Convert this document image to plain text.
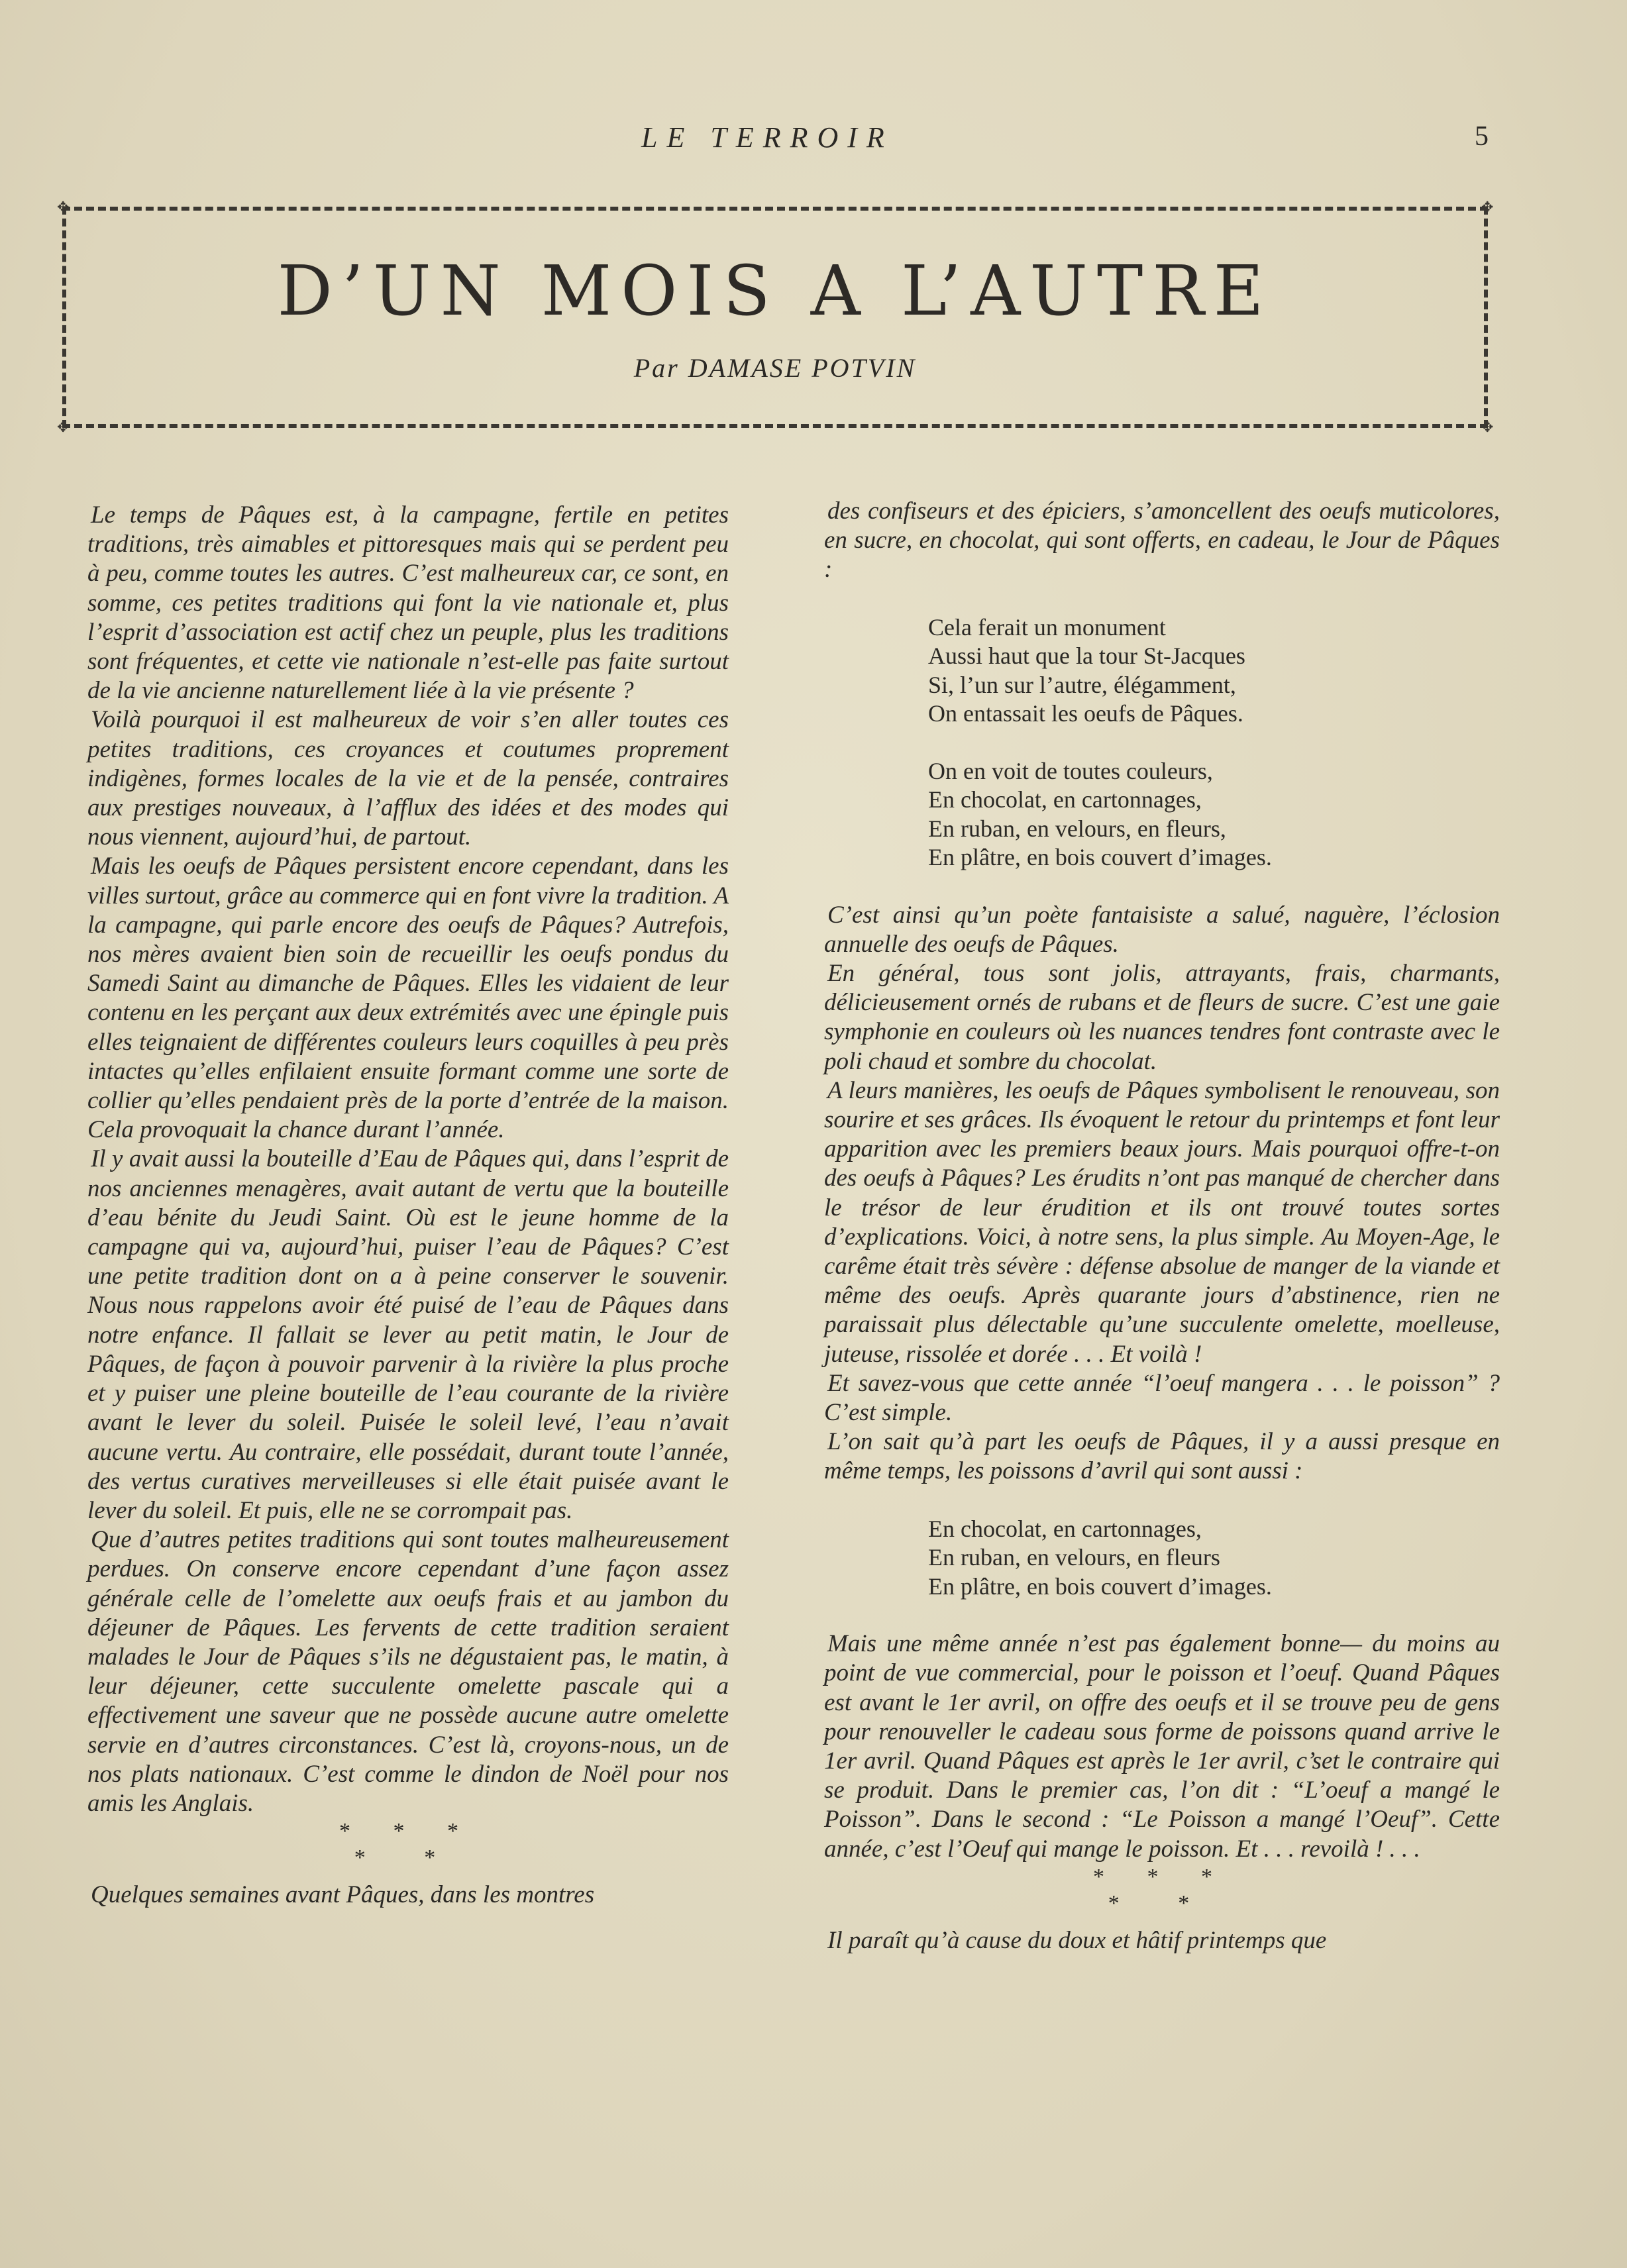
LE TERROIR	5
✥	✥
✥	✥
D’UN MOIS A L’AUTRE
Par DAMASE POTVIN

Le temps de Pâques est, à la campagne, fertile en petites traditions, très aimables et pittoresques mais qui se perdent peu à peu, comme toutes les autres. C’est malheureux car, ce sont, en somme, ces petites traditions qui font la vie nationale et, plus l’esprit d’association est actif chez un peuple, plus les traditions sont fréquentes, et cette vie nationale n’est-elle pas faite surtout de la vie ancienne naturellement liée à la vie présente ?

Voilà pourquoi il est malheureux de voir s’en aller toutes ces petites traditions, ces croyances et coutumes proprement indigènes, formes locales de la vie et de la pensée, contraires aux prestiges nouveaux, à l’afflux des idées et des modes qui nous viennent, aujourd’hui, de partout.

Mais les oeufs de Pâques persistent encore cependant, dans les villes surtout, grâce au commerce qui en font vivre la tradition. A la campagne, qui parle encore des oeufs de Pâques? Autrefois, nos mères avaient bien soin de recueillir les oeufs pondus du Samedi Saint au dimanche de Pâques. Elles les vidaient de leur contenu en les perçant aux deux extrémités avec une épingle puis elles teignaient de différentes couleurs leurs coquilles à peu près intactes qu’elles enfilaient ensuite formant comme une sorte de collier qu’elles pendaient près de la porte d’entrée de la maison. Cela provoquait la chance durant l’année.

Il y avait aussi la bouteille d’Eau de Pâques qui, dans l’esprit de nos anciennes menagères, avait autant de vertu que la bouteille d’eau bénite du Jeudi Saint. Où est le jeune homme de la campagne qui va, aujourd’hui, puiser l’eau de Pâques? C’est une petite tradition dont on a à peine conserver le souvenir. Nous nous rappelons avoir été puisé de l’eau de Pâques dans notre enfance. Il fallait se lever au petit matin, le Jour de Pâques, de façon à pouvoir parvenir à la rivière la plus proche et y puiser une pleine bouteille de l’eau courante de la rivière avant le lever du soleil. Puisée le soleil levé, l’eau n’avait aucune vertu. Au contraire, elle possédait, durant toute l’année, des vertus curatives merveilleuses si elle était puisée avant le lever du soleil. Et puis, elle ne se corrompait pas.

Que d’autres petites traditions qui sont toutes malheureusement perdues. On conserve encore cependant d’une façon assez générale celle de l’omelette aux oeufs frais et au jambon du déjeuner de Pâques. Les fervents de cette tradition seraient malades le Jour de Pâques s’ils ne dégustaient pas, le matin, à leur déjeuner, cette succulente omelette pascale qui a effectivement une saveur que ne possède aucune autre omelette servie en d’autres circonstances. C’est là, croyons-nous, un de nos plats nationaux. C’est comme le dindon de Noël pour nos amis les Anglais.

* * *
* *

Quelques semaines avant Pâques, dans les montres

des confiseurs et des épiciers, s’amoncellent des oeufs muticolores, en sucre, en chocolat, qui sont offerts, en cadeau, le Jour de Pâques :

Cela ferait un monument

Aussi haut que la tour St-Jacques

Si, l’un sur l’autre, élégamment,

On entassait les oeufs de Pâques.

On en voit de toutes couleurs,

En chocolat, en cartonnages,

En ruban, en velours, en fleurs,

En plâtre, en bois couvert d’images.

C’est ainsi qu’un poète fantaisiste a salué, naguère, l’éclosion annuelle des oeufs de Pâques.

En général, tous sont jolis, attrayants, frais, charmants, délicieusement ornés de rubans et de fleurs de sucre. C’est une gaie symphonie en couleurs où les nuances tendres font contraste avec le poli chaud et sombre du chocolat.

A leurs manières, les oeufs de Pâques symbolisent le renouveau, son sourire et ses grâces. Ils évoquent le retour du printemps et font leur apparition avec les premiers beaux jours. Mais pourquoi offre-t-on des oeufs à Pâques? Les érudits n’ont pas manqué de chercher dans le trésor de leur érudition et ils ont trouvé toutes sortes d’explications. Voici, à notre sens, la plus simple. Au Moyen-Age, le carême était très sévère : défense absolue de manger de la viande et même des oeufs. Après quarante jours d’abstinence, rien ne paraissait plus délectable qu’une succulente omelette, moelleuse, juteuse, rissolée et dorée . . . Et voilà !

Et savez-vous que cette année “l’oeuf mangera . . . le poisson” ? C’est simple.

L’on sait qu’à part les oeufs de Pâques, il y a aussi presque en même temps, les poissons d’avril qui sont aussi :

En chocolat, en cartonnages,

En ruban, en velours, en fleurs

En plâtre, en bois couvert d’images.

Mais une même année n’est pas également bonne— du moins au point de vue commercial, pour le poisson et l’oeuf. Quand Pâques est avant le 1er avril, on offre des oeufs et il se trouve peu de gens pour renouveller le cadeau sous forme de poissons quand arrive le 1er avril. Quand Pâques est après le 1er avril, c’set le contraire qui se produit. Dans le premier cas, l’on dit : “L’oeuf a mangé le Poisson”. Dans le second : “Le Poisson a mangé l’Oeuf”. Cette année, c’est l’Oeuf qui mange le poisson. Et . . . revoilà ! . . .

* * *
* *

Il paraît qu’à cause du doux et hâtif printemps que
